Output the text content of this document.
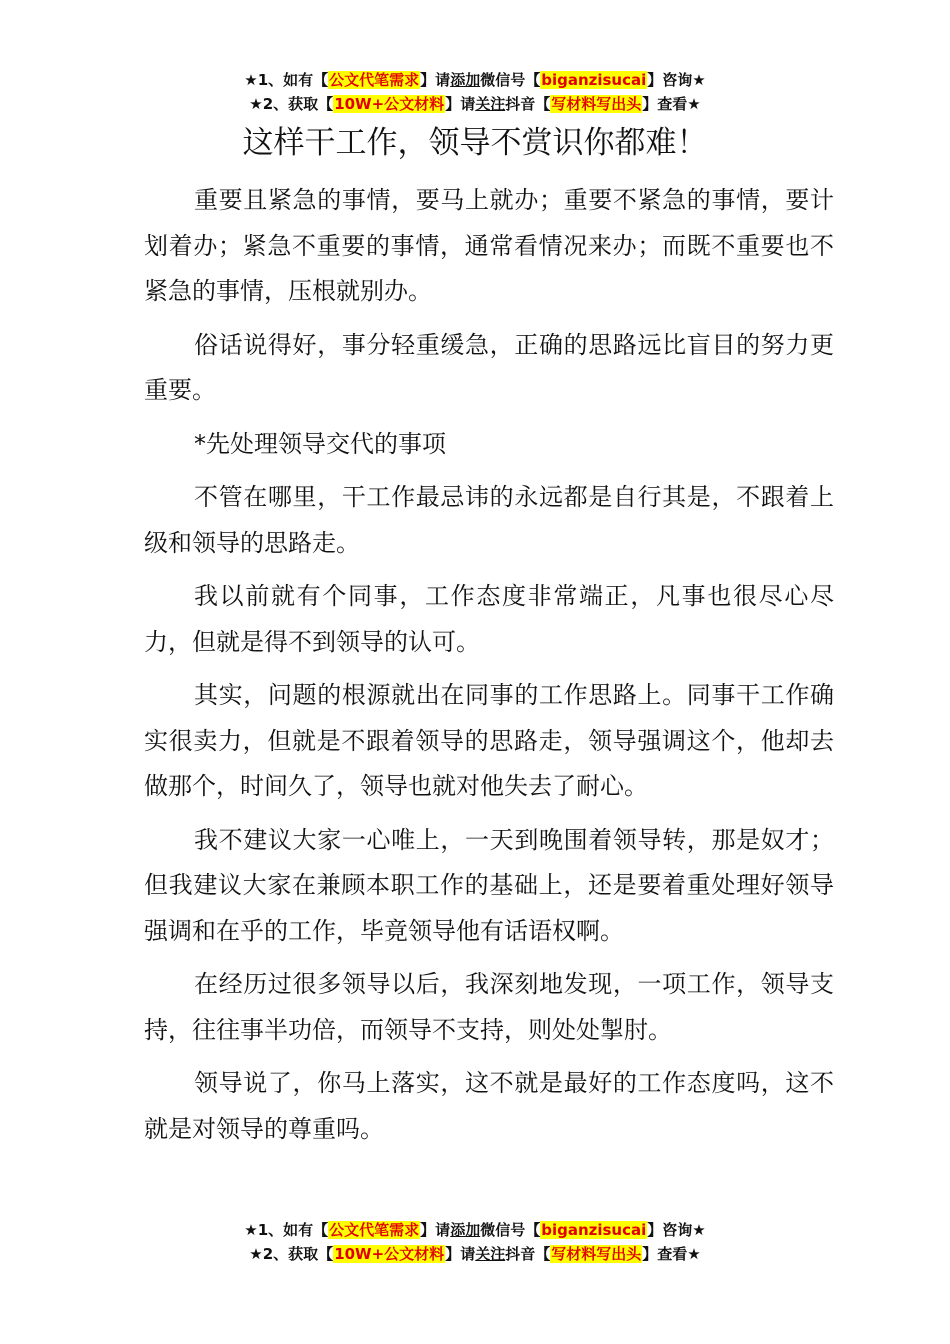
★1、如有【公文代笔需求】请添加微信号【biganzisucai】咨询★
★2、获取【10W+公文材料】请关注抖音【写材料写出头】查看★
这样干工作，领导不赏识你都难！

重要且紧急的事情，要马上就办；重要不紧急的事情，要计划着办；紧急不重要的事情，通常看情况来办；而既不重要也不紧急的事情，压根就别办。

俗话说得好，事分轻重缓急，正确的思路远比盲目的努力更重要。

*先处理领导交代的事项

不管在哪里，干工作最忌讳的永远都是自行其是，不跟着上级和领导的思路走。

我以前就有个同事，工作态度非常端正，凡事也很尽心尽力，但就是得不到领导的认可。

其实，问题的根源就出在同事的工作思路上。同事干工作确实很卖力，但就是不跟着领导的思路走，领导强调这个，他却去做那个，时间久了，领导也就对他失去了耐心。

我不建议大家一心唯上，一天到晚围着领导转，那是奴才；但我建议大家在兼顾本职工作的基础上，还是要着重处理好领导强调和在乎的工作，毕竟领导他有话语权啊。

在经历过很多领导以后，我深刻地发现，一项工作，领导支持，往往事半功倍，而领导不支持，则处处掣肘。

领导说了，你马上落实，这不就是最好的工作态度吗，这不就是对领导的尊重吗。

★1、如有【公文代笔需求】请添加微信号【biganzisucai】咨询★
★2、获取【10W+公文材料】请关注抖音【写材料写出头】查看★
